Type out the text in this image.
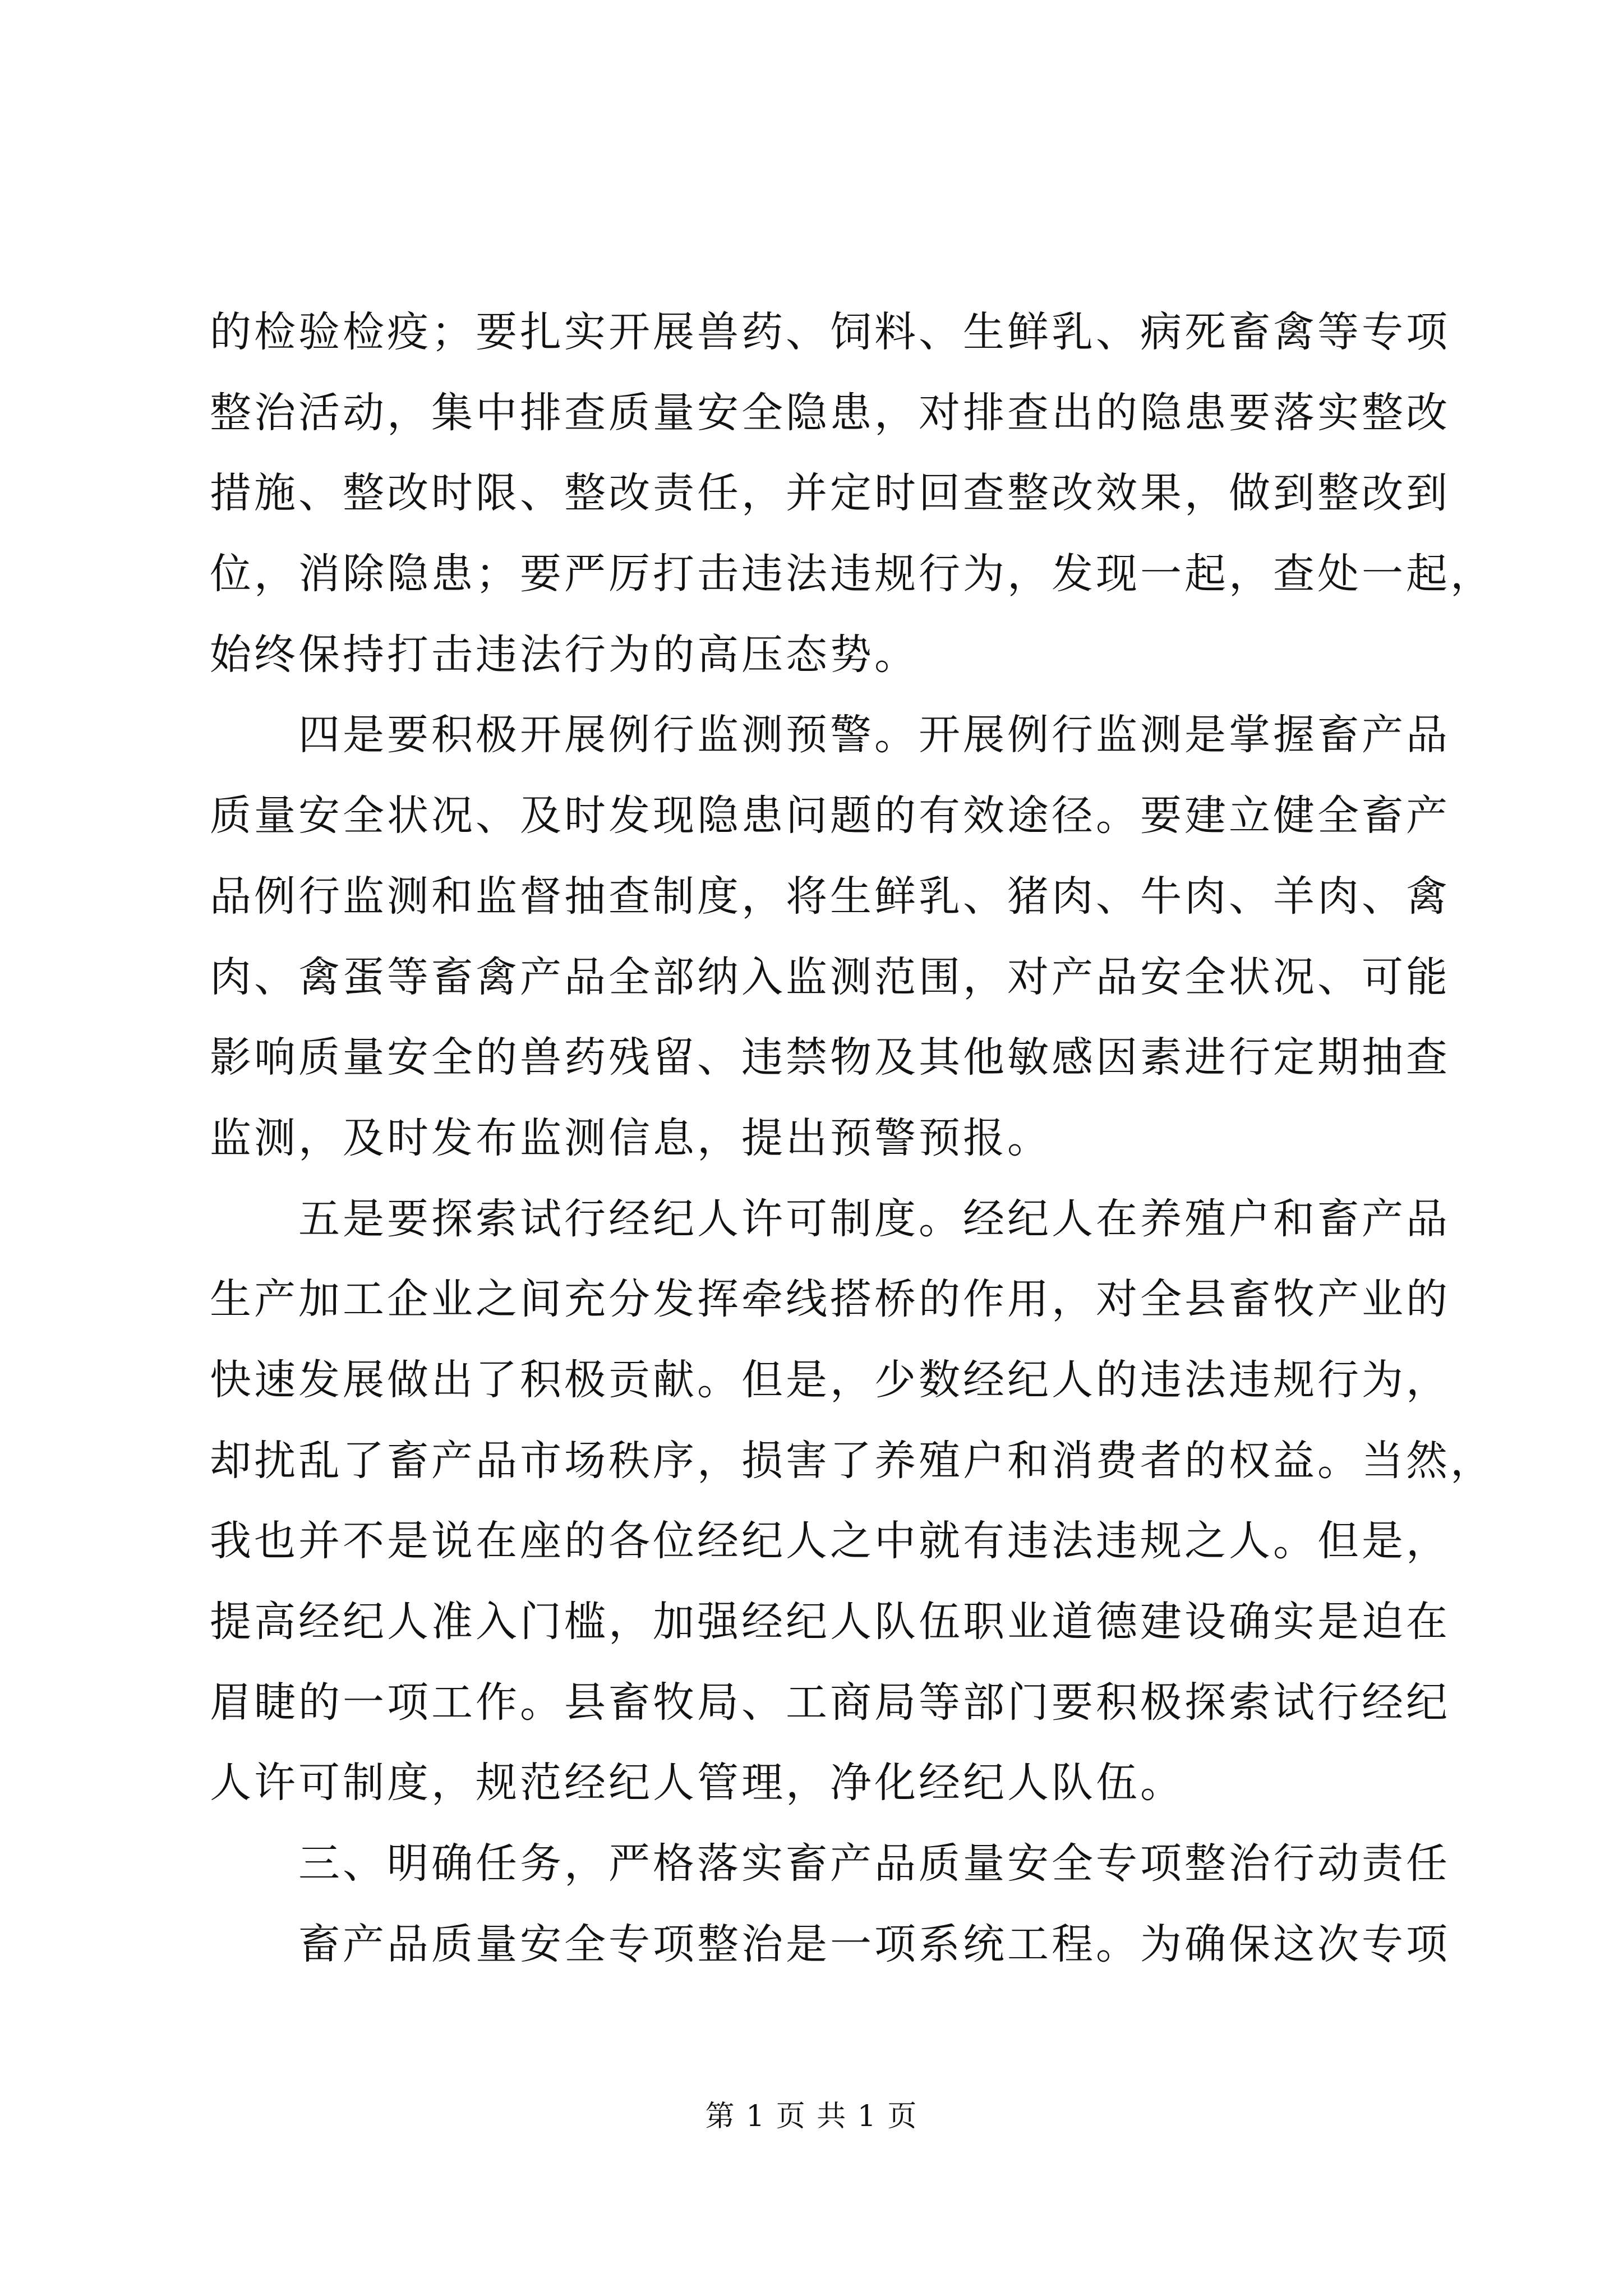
的检验检疫；要扎实开展兽药、饲料、生鲜乳、病死畜禽等专项
整治活动，集中排查质量安全隐患，对排查出的隐患要落实整改
措施、整改时限、整改责任，并定时回查整改效果，做到整改到
位，消除隐患；要严厉打击违法违规行为，发现一起，查处一起，
始终保持打击违法行为的高压态势。
　　四是要积极开展例行监测预警。开展例行监测是掌握畜产品
质量安全状况、及时发现隐患问题的有效途径。要建立健全畜产
品例行监测和监督抽查制度，将生鲜乳、猪肉、牛肉、羊肉、禽
肉、禽蛋等畜禽产品全部纳入监测范围，对产品安全状况、可能
影响质量安全的兽药残留、违禁物及其他敏感因素进行定期抽查
监测，及时发布监测信息，提出预警预报。
　　五是要探索试行经纪人许可制度。经纪人在养殖户和畜产品
生产加工企业之间充分发挥牵线搭桥的作用，对全县畜牧产业的
快速发展做出了积极贡献。但是，少数经纪人的违法违规行为，
却扰乱了畜产品市场秩序，损害了养殖户和消费者的权益。当然，
我也并不是说在座的各位经纪人之中就有违法违规之人。但是，
提高经纪人准入门槛，加强经纪人队伍职业道德建设确实是迫在
眉睫的一项工作。县畜牧局、工商局等部门要积极探索试行经纪
人许可制度，规范经纪人管理，净化经纪人队伍。
　　三、明确任务，严格落实畜产品质量安全专项整治行动责任
　　畜产品质量安全专项整治是一项系统工程。为确保这次专项
第 1 页 共 1 页
